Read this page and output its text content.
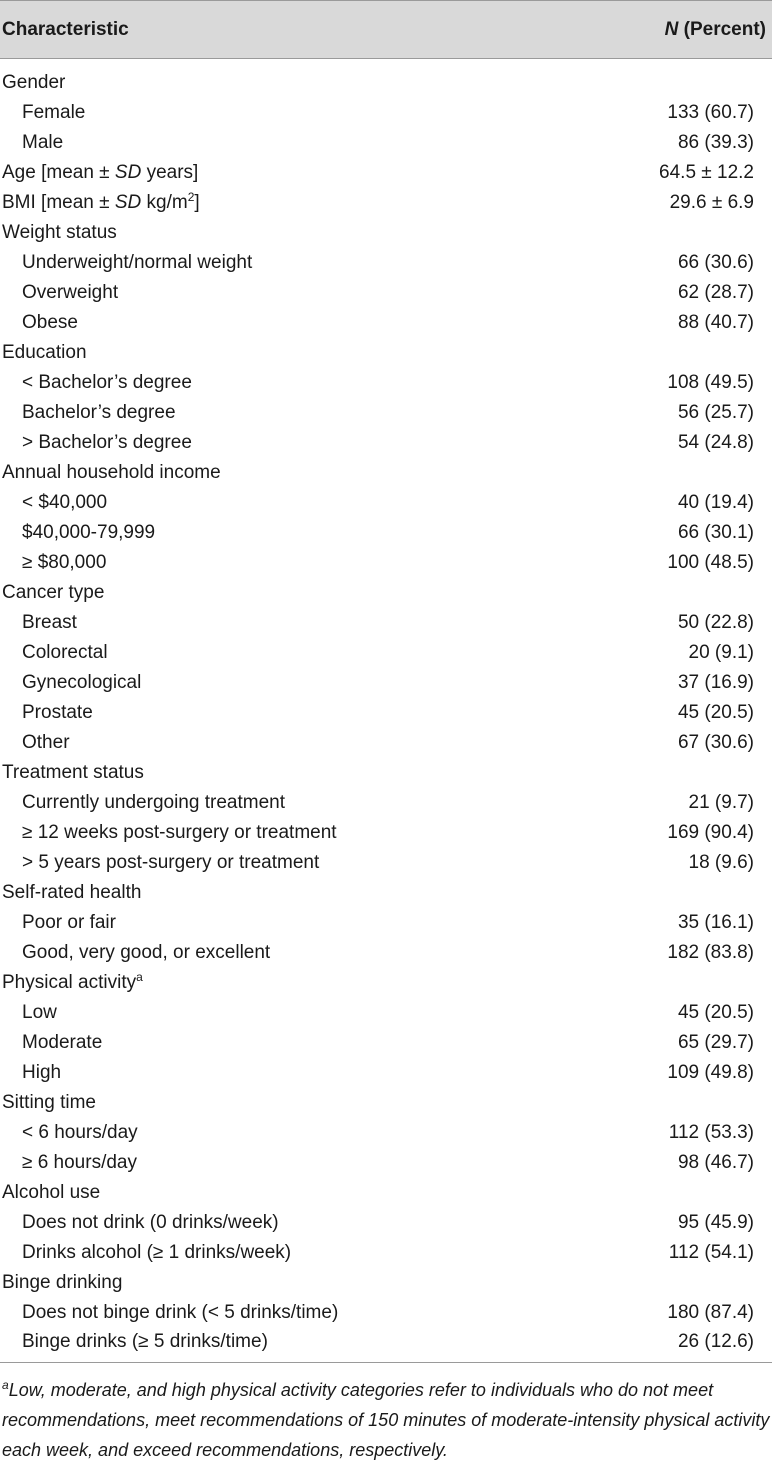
Characteristic	N (Percent)

Gender	
Female	133 (60.7)
Male	86 (39.3)
Age [mean ± SD years]	64.5 ± 12.2
BMI [mean ± SD $kg/m^2$]	29.6 ± 6.9
Weight status	
Underweight/normal weight	66 (30.6)
Overweight	62 (28.7)
Obese	88 (40.7)
Education	
< Bachelor’s degree	108 (49.5)
Bachelor’s degree	56 (25.7)
> Bachelor’s degree	54 (24.8)
Annual household income	
< $40,000	40 (19.4)
$40,000-79,999	66 (30.1)
≥ $80,000	100 (48.5)
Cancer type	
Breast	50 (22.8)
Colorectal	20 (9.1)
Gynecological	37 (16.9)
Prostate	45 (20.5)
Other	67 (30.6)
Treatment status	
Currently undergoing treatment	21 (9.7)
≥ 12 weeks post-surgery or treatment	169 (90.4)
> 5 years post-surgery or treatment	18 (9.6)
Self-rated health	
Poor or fair	35 (16.1)
Good, very good, or excellent	182 (83.8)
Physical activity$^a$	
Low	45 (20.5)
Moderate	65 (29.7)
High	109 (49.8)
Sitting time	
< 6 hours/day	112 (53.3)
≥ 6 hours/day	98 (46.7)
Alcohol use	
Does not drink (0 drinks/week)	95 (45.9)
Drinks alcohol (≥ 1 drinks/week)	112 (54.1)
Binge drinking	
Does not binge drink (< 5 drinks/time)	180 (87.4)
Binge drinks (≥ 5 drinks/time)	26 (12.6)
$^a$Low, moderate, and high physical activity categories refer to individuals who do not meet recommendations, meet recommendations of 150 minutes of moderate-intensity physical activity each week, and exceed recommendations, respectively.
